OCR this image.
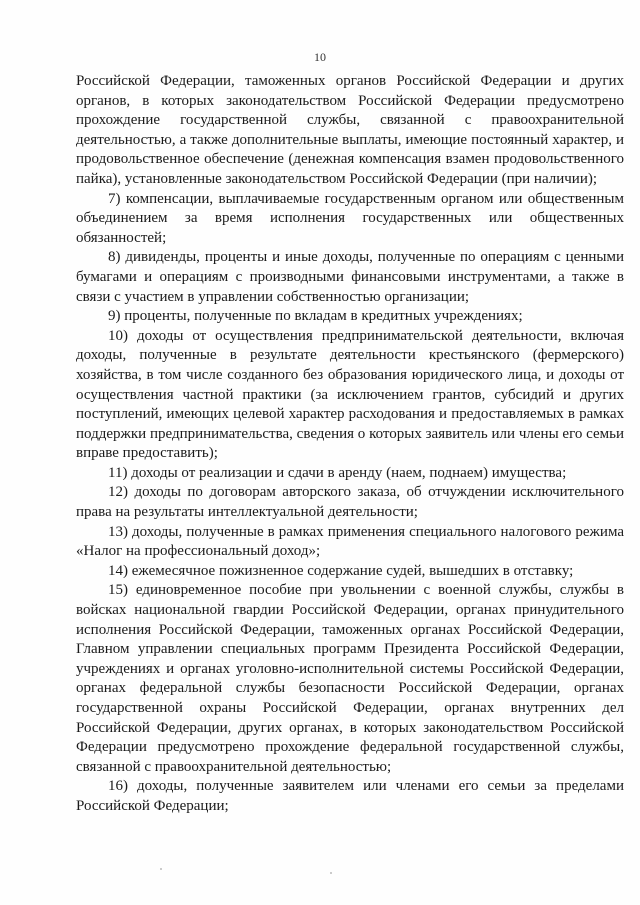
10

Российской Федерации, таможенных органов Российской Федерации и других органов, в которых законодательством Российской Федерации предусмотрено прохождение государственной службы, связанной с правоохранительной деятельностью, а также дополнительные выплаты, имеющие постоянный характер, и продовольственное обеспечение (денежная компенсация взамен продовольственного пайка), установленные законодательством Российской Федерации (при наличии);

7) компенсации, выплачиваемые государственным органом или общественным объединением за время исполнения государственных или общественных обязанностей;

8) дивиденды, проценты и иные доходы, полученные по операциям с ценными бумагами и операциям с производными финансовыми инструментами, а также в связи с участием в управлении собственностью организации;

9) проценты, полученные по вкладам в кредитных учреждениях;

10) доходы от осуществления предпринимательской деятельности, включая доходы, полученные в результате деятельности крестьянского (фермерского) хозяйства, в том числе созданного без образования юридического лица, и доходы от осуществления частной практики (за исключением грантов, субсидий и других поступлений, имеющих целевой характер расходования и предоставляемых в рамках поддержки предпринимательства, сведения о которых заявитель или члены его семьи вправе предоставить);

11) доходы от реализации и сдачи в аренду (наем, поднаем) имущества;

12) доходы по договорам авторского заказа, об отчуждении исключительного права на результаты интеллектуальной деятельности;

13) доходы, полученные в рамках применения специального налогового режима «Налог на профессиональный доход»;

14) ежемесячное пожизненное содержание судей, вышедших в отставку;

15) единовременное пособие при увольнении с военной службы, службы в войсках национальной гвардии Российской Федерации, органах принудительного исполнения Российской Федерации, таможенных органах Российской Федерации, Главном управлении специальных программ Президента Российской Федерации, учреждениях и органах уголовно-исполнительной системы Российской Федерации, органах федеральной службы безопасности Российской Федерации, органах государственной охраны Российской Федерации, органах внутренних дел Российской Федерации, других органах, в которых законодательством Российской Федерации предусмотрено прохождение федеральной государственной службы, связанной с правоохранительной деятельностью;

16) доходы, полученные заявителем или членами его семьи за пределами Российской Федерации;
